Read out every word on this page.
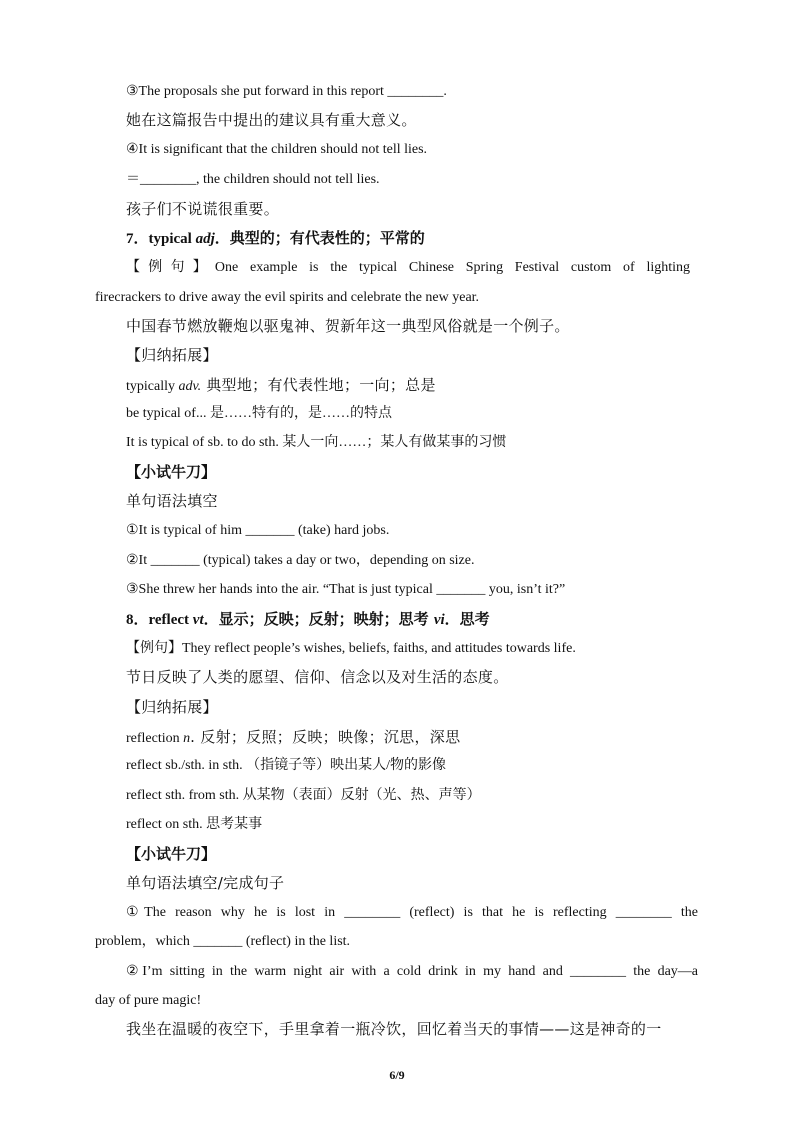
③The proposals she put forward in this report ________.
她在这篇报告中提出的建议具有重大意义。
④It is significant that the children should not tell lies.
＝________, the children should not tell lies.
孩子们不说谎很重要。
7．typical adj．典型的；有代表性的；平常的
【例句】One example is the typical Chinese Spring Festival custom of lighting
firecrackers to drive away the evil spirits and celebrate the new year.
中国春节燃放鞭炮以驱鬼神、贺新年这一典型风俗就是一个例子。
【归纳拓展】
typically adv. 典型地；有代表性地；一向；总是
be typical of... 是……特有的，是……的特点
It is typical of sb. to do sth. 某人一向……；某人有做某事的习惯
【小试牛刀】
单句语法填空
①It is typical of him _______ (take) hard jobs.
②It _______ (typical) takes a day or two，depending on size.
③She threw her hands into the air. “That is just typical _______ you, isn’t it?”
8．reflect vt．显示；反映；反射；映射；思考 vi．思考
【例句】They reflect people’s wishes, beliefs, faiths, and attitudes towards life.
节日反映了人类的愿望、信仰、信念以及对生活的态度。
【归纳拓展】
reflection n. 反射；反照；反映；映像；沉思，深思
reflect sb./sth. in sth. （指镜子等）映出某人/物的影像
reflect sth. from sth. 从某物（表面）反射（光、热、声等）
reflect on sth. 思考某事
【小试牛刀】
单句语法填空/完成句子
①The reason why he is lost in ________ (reflect) is that he is reflecting ________ the
problem，which _______ (reflect) in the list.
②I’m sitting in the warm night air with a cold drink in my hand and ________ the day—a
day of pure magic!
我坐在温暖的夜空下，手里拿着一瓶冷饮，回忆着当天的事情——这是神奇的一
6/9
